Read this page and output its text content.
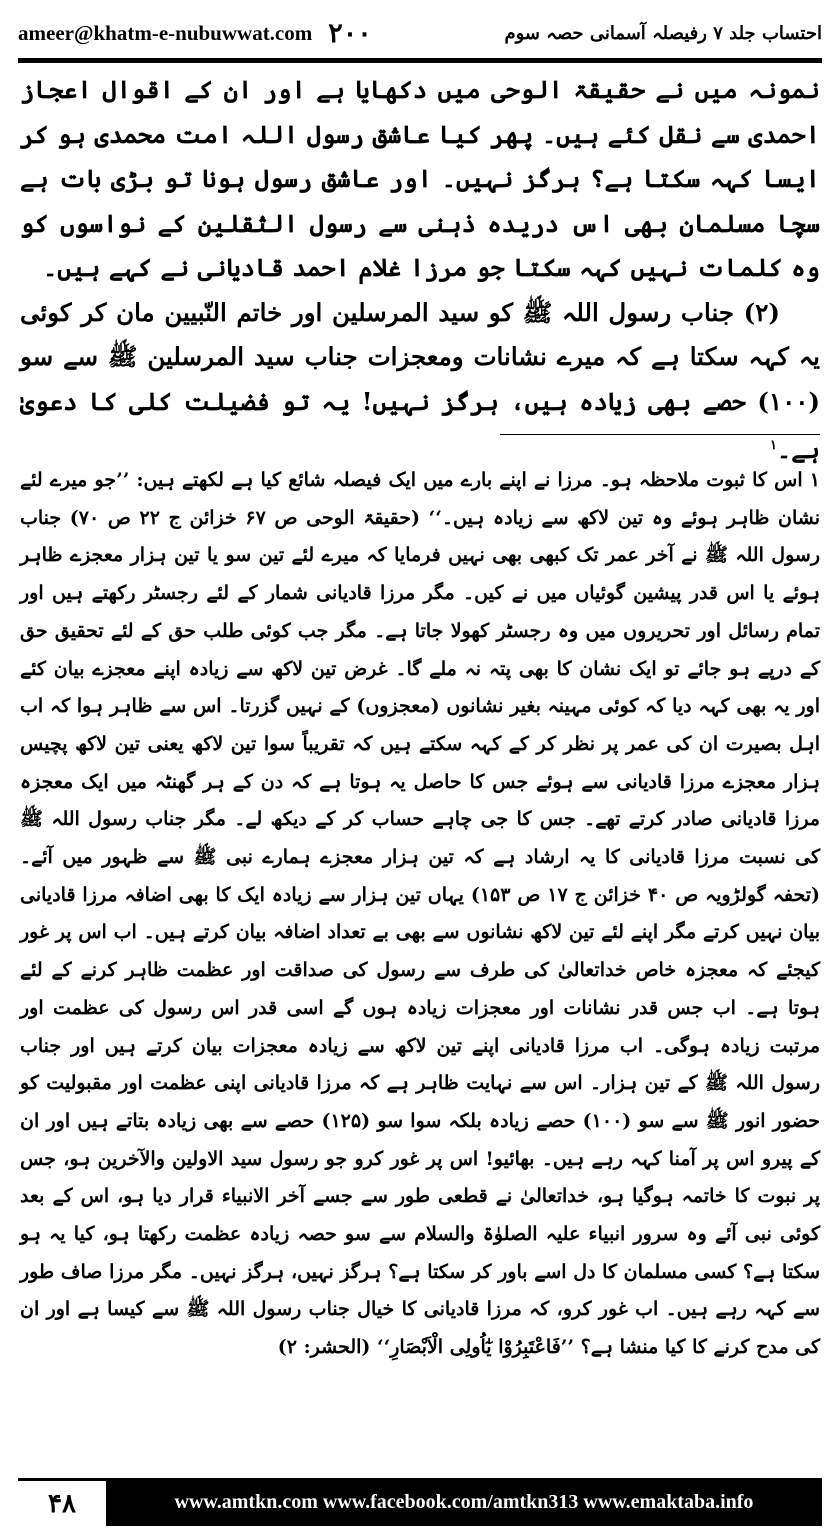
ameer@khatm-e-nubuwwat.com ۲۰۰	احتساب جلد ۷ رفیصلہ آسمانی حصہ سوم

نمونہ میں نے حقیقۃ الوحی میں دکھایا ہے اور ان کے اقوال اعجاز احمدی سے نقل کئے ہیں۔ پھر کیا عاشق رسول اللہ امت محمدی ہو کر ایسا کہہ سکتا ہے؟ ہرگز نہیں۔ اور عاشق رسول ہونا تو بڑی بات ہے سچا مسلمان بھی اس دریدہ ذہنی سے رسول الثقلین کے نواسوں کو وہ کلمات نہیں کہہ سکتا جو مرزا غلام احمد قادیانی نے کہے ہیں۔

(۲) جناب رسول اللہ ﷺ کو سید المرسلین اور خاتم النّبیین مان کر کوئی یہ کہہ سکتا ہے کہ میرے نشانات ومعجزات جناب سید المرسلین ﷺ سے سو (۱۰۰) حصے بھی زیادہ ہیں، ہرگز نہیں! یہ تو فضیلت کلی کا دعویٰ ہے۔$^۱$

۱ اس کا ثبوت ملاحظہ ہو۔ مرزا نے اپنے بارے میں ایک فیصلہ شائع کیا ہے لکھتے ہیں: ’’جو میرے لئے نشان ظاہر ہوئے وہ تین لاکھ سے زیادہ ہیں۔‘‘ (حقیقۃ الوحی ص ۶۷ خزائن ج ۲۲ ص ۷۰) جناب رسول اللہ ﷺ نے آخر عمر تک کبھی بھی نہیں فرمایا کہ میرے لئے تین سو یا تین ہزار معجزے ظاہر ہوئے یا اس قدر پیشین گوئیاں میں نے کیں۔ مگر مرزا قادیانی شمار کے لئے رجسٹر رکھتے ہیں اور تمام رسائل اور تحریروں میں وہ رجسٹر کھولا جاتا ہے۔ مگر جب کوئی طلب حق کے لئے تحقیق حق کے درپے ہو جائے تو ایک نشان کا بھی پتہ نہ ملے گا۔ غرض تین لاکھ سے زیادہ اپنے معجزے بیان کئے اور یہ بھی کہہ دیا کہ کوئی مہینہ بغیر نشانوں (معجزوں) کے نہیں گزرتا۔ اس سے ظاہر ہوا کہ اب اہل بصیرت ان کی عمر پر نظر کر کے کہہ سکتے ہیں کہ تقریباً سوا تین لاکھ یعنی تین لاکھ پچیس ہزار معجزے مرزا قادیانی سے ہوئے جس کا حاصل یہ ہوتا ہے کہ دن کے ہر گھنٹہ میں ایک معجزہ مرزا قادیانی صادر کرتے تھے۔ جس کا جی چاہے حساب کر کے دیکھ لے۔ مگر جناب رسول اللہ ﷺ کی نسبت مرزا قادیانی کا یہ ارشاد ہے کہ تین ہزار معجزے ہمارے نبی ﷺ سے ظہور میں آئے۔ (تحفہ گولڑویہ ص ۴۰ خزائن ج ۱۷ ص ۱۵۳) یہاں تین ہزار سے زیادہ ایک کا بھی اضافہ مرزا قادیانی بیان نہیں کرتے مگر اپنے لئے تین لاکھ نشانوں سے بھی بے تعداد اضافہ بیان کرتے ہیں۔ اب اس پر غور کیجئے کہ معجزہ خاص خداتعالیٰ کی طرف سے رسول کی صداقت اور عظمت ظاہر کرنے کے لئے ہوتا ہے۔ اب جس قدر نشانات اور معجزات زیادہ ہوں گے اسی قدر اس رسول کی عظمت اور مرتبت زیادہ ہوگی۔ اب مرزا قادیانی اپنے تین لاکھ سے زیادہ معجزات بیان کرتے ہیں اور جناب رسول اللہ ﷺ کے تین ہزار۔ اس سے نہایت ظاہر ہے کہ مرزا قادیانی اپنی عظمت اور مقبولیت کو حضور انور ﷺ سے سو (۱۰۰) حصے زیادہ بلکہ سوا سو (۱۲۵) حصے سے بھی زیادہ بتاتے ہیں اور ان کے پیرو اس پر آمنا کہہ رہے ہیں۔ بھائیو! اس پر غور کرو جو رسول سید الاولین والآخرین ہو، جس پر نبوت کا خاتمہ ہوگیا ہو، خداتعالیٰ نے قطعی طور سے جسے آخر الانبیاء قرار دیا ہو، اس کے بعد کوئی نبی آئے وہ سرور انبیاء علیہ الصلوٰۃ والسلام سے سو حصہ زیادہ عظمت رکھتا ہو، کیا یہ ہو سکتا ہے؟ کسی مسلمان کا دل اسے باور کر سکتا ہے؟ ہرگز نہیں، ہرگز نہیں۔ مگر مرزا صاف طور سے کہہ رہے ہیں۔ اب غور کرو، کہ مرزا قادیانی کا خیال جناب رسول اللہ ﷺ سے کیسا ہے اور ان کی مدح کرنے کا کیا منشا ہے؟ ’’فَاعْتَبِرُوْا یٰٓاُولِی الْاَبْصَارِ‘‘ (الحشر: ۲)

۴۸	www.amtkn.com www.facebook.com/amtkn313 www.emaktaba.info
